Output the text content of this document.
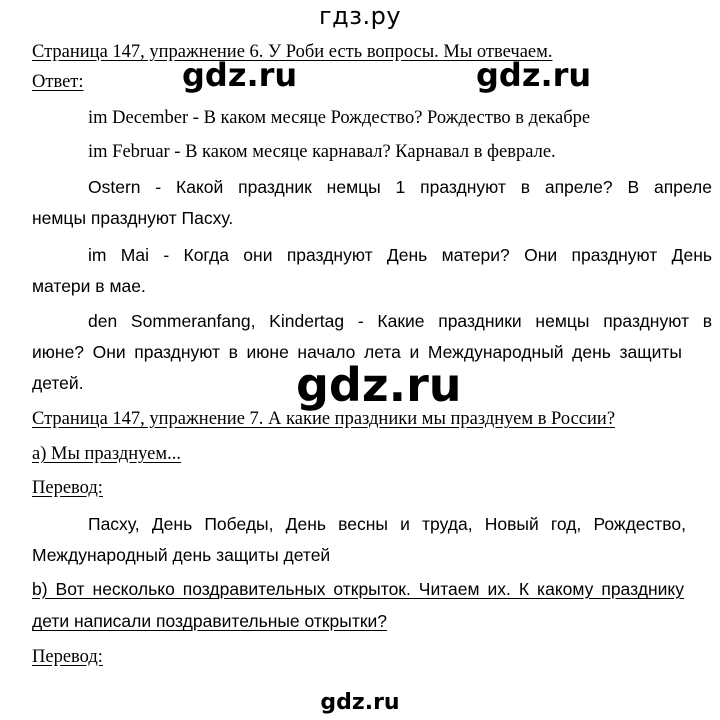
гдз.ру
Страница 147, упражнение 6. У Роби есть вопросы. Мы отвечаем.
Ответ:	gdz.ru	gdz.ru
im December - В каком месяце Рождество? Рождество в декабре
im Februar - В каком месяце карнавал? Карнавал в феврале.
Ostern - Какой праздник немцы 1 празднуют в апреле? В апреле
немцы празднуют Пасху.
im Mai - Когда они празднуют День матери? Они празднуют День
матери в мае.
den Sommeranfang, Kindertag - Какие праздники немцы празднуют в
июне? Они празднуют в июне начало лета и Международный день защиты
детей.	gdz.ru
Страница 147, упражнение 7. А какие праздники мы празднуем в России?
а) Мы празднуем...
Перевод:
Пасху, День Победы, День весны и труда, Новый год, Рождество,
Международный день защиты детей
b) Вот несколько поздравительных открыток. Читаем их. К какому празднику
дети написали поздравительные открытки?
Перевод:
gdz.ru
